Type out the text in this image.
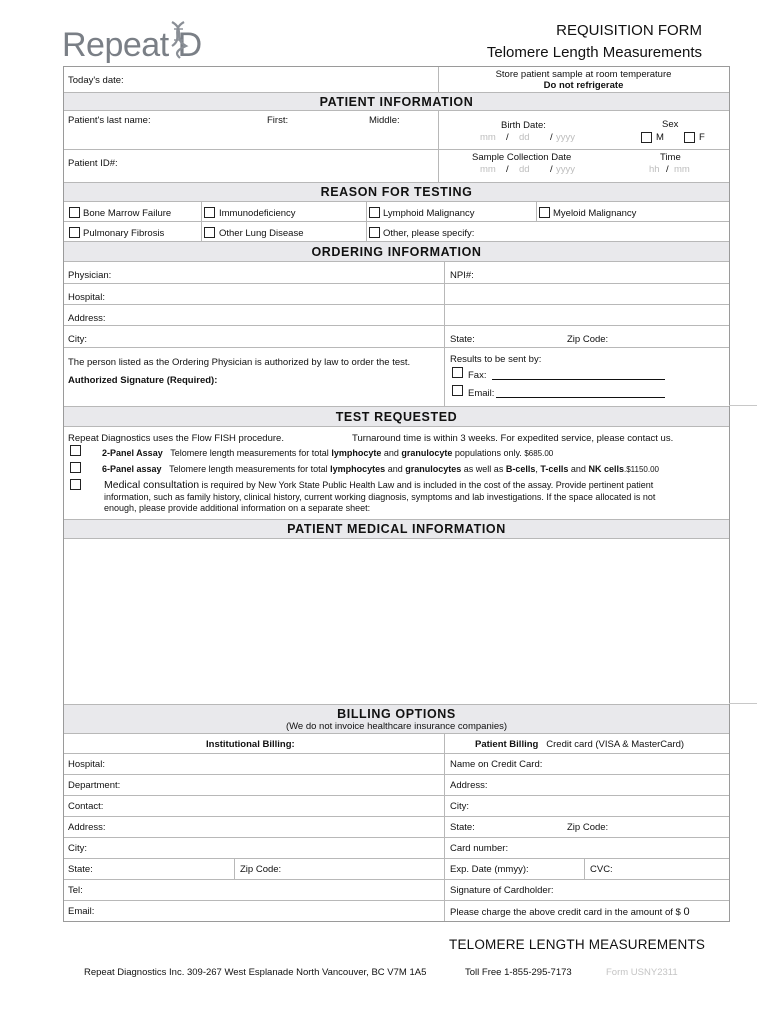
Repeat D	REQUISITION FORM
Telomere Length Measurements
Today's date:
Store patient sample at room temperature
Do not refrigerate
PATIENT INFORMATION
Patient's last name:	First:	Middle:	Birth Date:
mm / dd / yyyy
Sex
M	F
Patient ID#:
Sample Collection Date
mm / dd / yyyy
Time
hh / mm
REASON FOR TESTING
Bone Marrow Failure	Immunodeficiency	Lymphoid Malignancy	Myeloid Malignancy
Pulmonary Fibrosis	Other Lung Disease	Other, please specify:
ORDERING INFORMATION
Physician:	NPI#:
Hospital:
Address:
City:	State:	Zip Code:
The person listed as the Ordering Physician is authorized by law to order the test.
Authorized Signature (Required):
Results to be sent by:
Fax:
Email:
TEST REQUESTED
Repeat Diagnostics uses the Flow FISH procedure.	Turnaround time is within 3 weeks. For expedited service, please contact us.
2-Panel Assay Telomere length measurements for total lymphocyte and granulocyte populations only. $685.00
6-Panel assay Telomere length measurements for total lymphocytes and granulocytes as well as B-cells, T-cells and NK cells.$1150.00
Medical consultation is required by New York State Public Health Law and is included in the cost of the assay. Provide pertinent patient
information, such as family history, clinical history, current working diagnosis, symptoms and lab investigations. If the space allocated is not
enough, please provide additional information on a separate sheet:
PATIENT MEDICAL INFORMATION
BILLING OPTIONS
(We do not invoice healthcare insurance companies)
Institutional Billing:	Patient Billing Credit card (VISA & MasterCard)
Hospital:	Name on Credit Card:
Department:	Address:
Contact:	City:
Address:	State:	Zip Code:
City:	Card number:
State:	Zip Code:	Exp. Date (mmyy):	CVC:
Tel:	Signature of Cardholder:
Email:	Please charge the above credit card in the amount of $ 0
TELOMERE LENGTH MEASUREMENTS
Repeat Diagnostics Inc. 309-267 West Esplanade North Vancouver, BC V7M 1A5	Toll Free 1-855-295-7173	Form USNY2311
